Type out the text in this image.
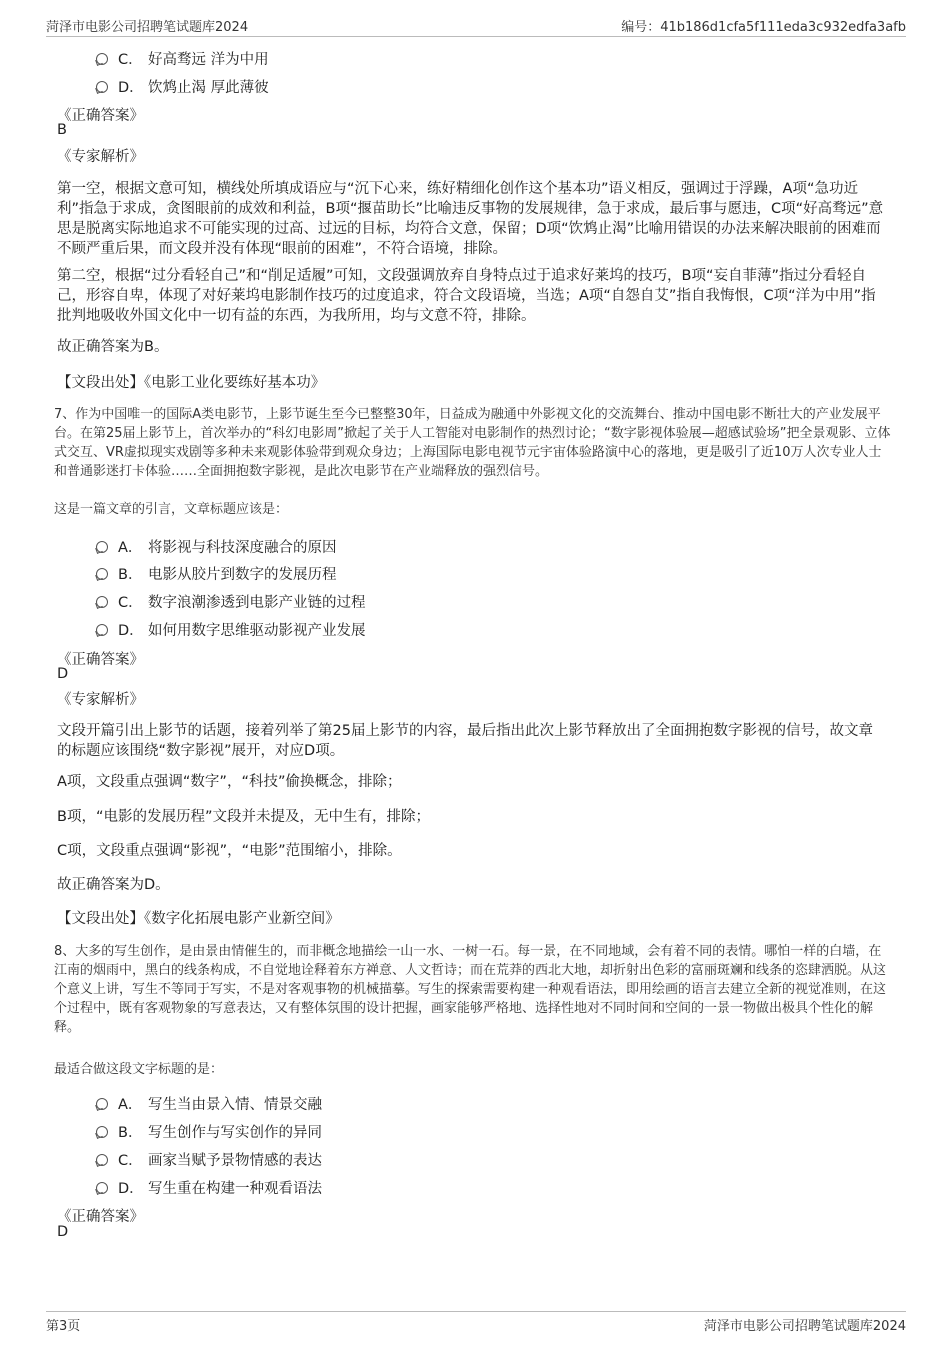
菏泽市电影公司招聘笔试题库2024	编号：41b186d1cfa5f111eda3c932edfa3afb
C． 好高骛远 洋为中用
D． 饮鸩止渴 厚此薄彼
《正确答案》
B
《专家解析》

第一空，根据文意可知，横线处所填成语应与“沉下心来，练好精细化创作这个基本功”语义相反，强调过于浮躁，A项“急功近利”指急于求成，贪图眼前的成效和利益，B项“揠苗助长”比喻违反事物的发展规律，急于求成，最后事与愿违，C项“好高骛远”意思是脱离实际地追求不可能实现的过高、过远的目标，均符合文意，保留；D项“饮鸩止渴”比喻用错误的办法来解决眼前的困难而不顾严重后果，而文段并没有体现“眼前的困难”，不符合语境，排除。

第二空，根据“过分看轻自己”和“削足适履”可知，文段强调放弃自身特点过于追求好莱坞的技巧，B项“妄自菲薄”指过分看轻自己，形容自卑，体现了对好莱坞电影制作技巧的过度追求，符合文段语境，当选；A项“自怨自艾”指自我悔恨，C项“洋为中用”指批判地吸收外国文化中一切有益的东西，为我所用，均与文意不符，排除。

故正确答案为B。

【文段出处】《电影工业化要练好基本功》

7、作为中国唯一的国际A类电影节，上影节诞生至今已整整30年，日益成为融通中外影视文化的交流舞台、推动中国电影不断壮大的产业发展平台。在第25届上影节上，首次举办的“科幻电影周”掀起了关于人工智能对电影制作的热烈讨论；“数字影视体验展—超感试验场”把全景观影、立体式交互、VR虚拟现实戏剧等多种未来观影体验带到观众身边；上海国际电影电视节元宇宙体验路演中心的落地，更是吸引了近10万人次专业人士和普通影迷打卡体验……全面拥抱数字影视，是此次电影节在产业端释放的强烈信号。

这是一篇文章的引言，文章标题应该是：
A． 将影视与科技深度融合的原因
B． 电影从胶片到数字的发展历程
C． 数字浪潮渗透到电影产业链的过程
D． 如何用数字思维驱动影视产业发展
《正确答案》
D
《专家解析》

文段开篇引出上影节的话题，接着列举了第25届上影节的内容，最后指出此次上影节释放出了全面拥抱数字影视的信号，故文章的标题应该围绕“数字影视”展开，对应D项。

A项，文段重点强调“数字”，“科技”偷换概念，排除；

B项，“电影的发展历程”文段并未提及，无中生有，排除；

C项，文段重点强调“影视”，“电影”范围缩小，排除。

故正确答案为D。

【文段出处】《数字化拓展电影产业新空间》

8、大多的写生创作，是由景由情催生的，而非概念地描绘一山一水、一树一石。每一景，在不同地域，会有着不同的表情。哪怕一样的白墙，在江南的烟雨中，黑白的线条构成，不自觉地诠释着东方禅意、人文哲诗；而在荒莽的西北大地，却折射出色彩的富丽斑斓和线条的恣肆洒脱。从这个意义上讲，写生不等同于写实，不是对客观事物的机械描摹。写生的探索需要构建一种观看语法，即用绘画的语言去建立全新的视觉准则，在这个过程中，既有客观物象的写意表达，又有整体氛围的设计把握，画家能够严格地、选择性地对不同时间和空间的一景一物做出极具个性化的解释。

最适合做这段文字标题的是：
A． 写生当由景入情、情景交融
B． 写生创作与写实创作的异同
C． 画家当赋予景物情感的表达
D． 写生重在构建一种观看语法
《正确答案》
D
第3页	菏泽市电影公司招聘笔试题库2024
